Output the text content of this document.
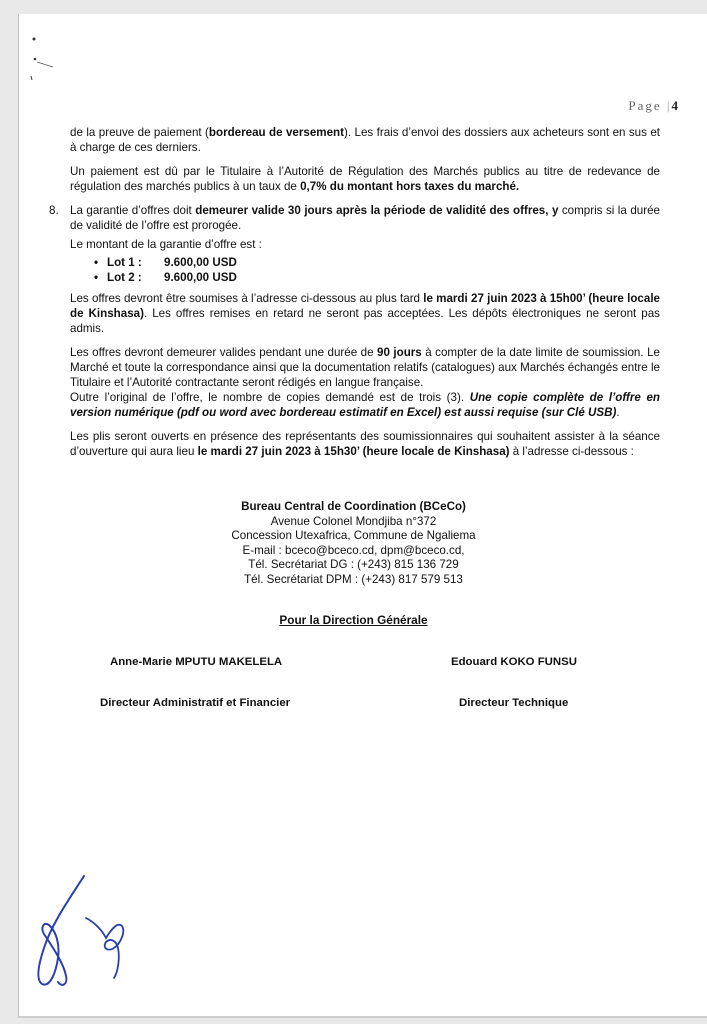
Page |4

de la preuve de paiement (bordereau de versement). Les frais d’envoi des dossiers aux acheteurs sont en sus et à charge de ces derniers.

Un paiement est dû par le Titulaire à l’Autorité de Régulation des Marchés publics au titre de redevance de régulation des marchés publics à un taux de 0,7% du montant hors taxes du marché.

8. La garantie d’offres doit demeurer valide 30 jours après la période de validité des offres, y compris si la durée de validité de l’offre est prorogée.

Le montant de la garantie d’offre est :

• Lot 1 : 9.600,00 USD
• Lot 2 : 9.600,00 USD

Les offres devront être soumises à l’adresse ci-dessous au plus tard le mardi 27 juin 2023 à 15h00’ (heure locale de Kinshasa). Les offres remises en retard ne seront pas acceptées. Les dépôts électroniques ne seront pas admis.

Les offres devront demeurer valides pendant une durée de 90 jours à compter de la date limite de soumission. Le Marché et toute la correspondance ainsi que la documentation relatifs (catalogues) aux Marchés échangés entre le Titulaire et l’Autorité contractante seront rédigés en langue française.

Outre l’original de l’offre, le nombre de copies demandé est de trois (3). Une copie complète de l’offre en version numérique (pdf ou word avec bordereau estimatif en Excel) est aussi requise (sur Clé USB).

Les plis seront ouverts en présence des représentants des soumissionnaires qui souhaitent assister à la séance d’ouverture qui aura lieu le mardi 27 juin 2023 à 15h30’ (heure locale de Kinshasa) à l’adresse ci-dessous :

Bureau Central de Coordination (BCeCo)
Avenue Colonel Mondjiba n°372
Concession Utexafrica, Commune de Ngaliema
E-mail : bceco@bceco.cd, dpm@bceco.cd,
Tél. Secrétariat DG : (+243) 815 136 729
Tél. Secrétariat DPM : (+243) 817 579 513
Pour la Direction Générale
Anne-Marie MPUTU MAKELELA	Edouard KOKO FUNSU
Directeur Administratif et Financier	Directeur Technique
